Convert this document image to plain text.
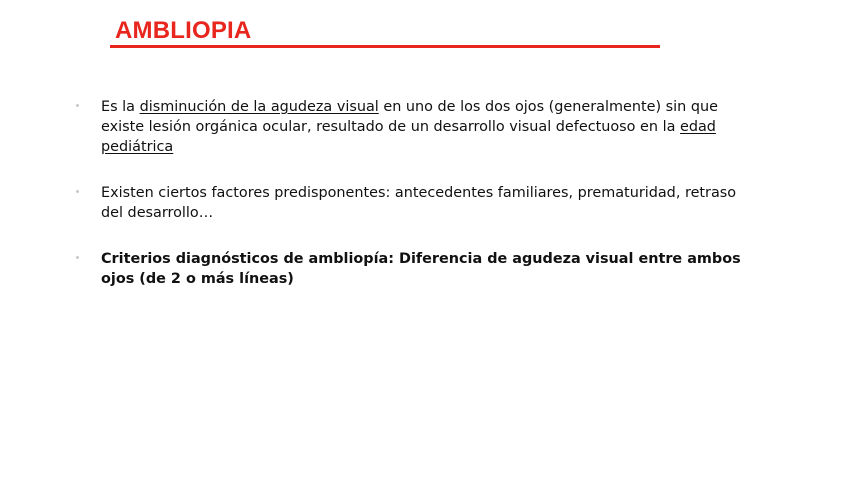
AMBLIOPIA
Es la disminución de la agudeza visual en uno de los dos ojos (generalmente) sin que existe lesión orgánica ocular, resultado de un desarrollo visual defectuoso en la edad pediátrica
Existen ciertos factores predisponentes: antecedentes familiares, prematuridad, retraso del desarrollo…
Criterios diagnósticos de ambliopía: Diferencia de agudeza visual entre ambos ojos (de 2 o más líneas)
